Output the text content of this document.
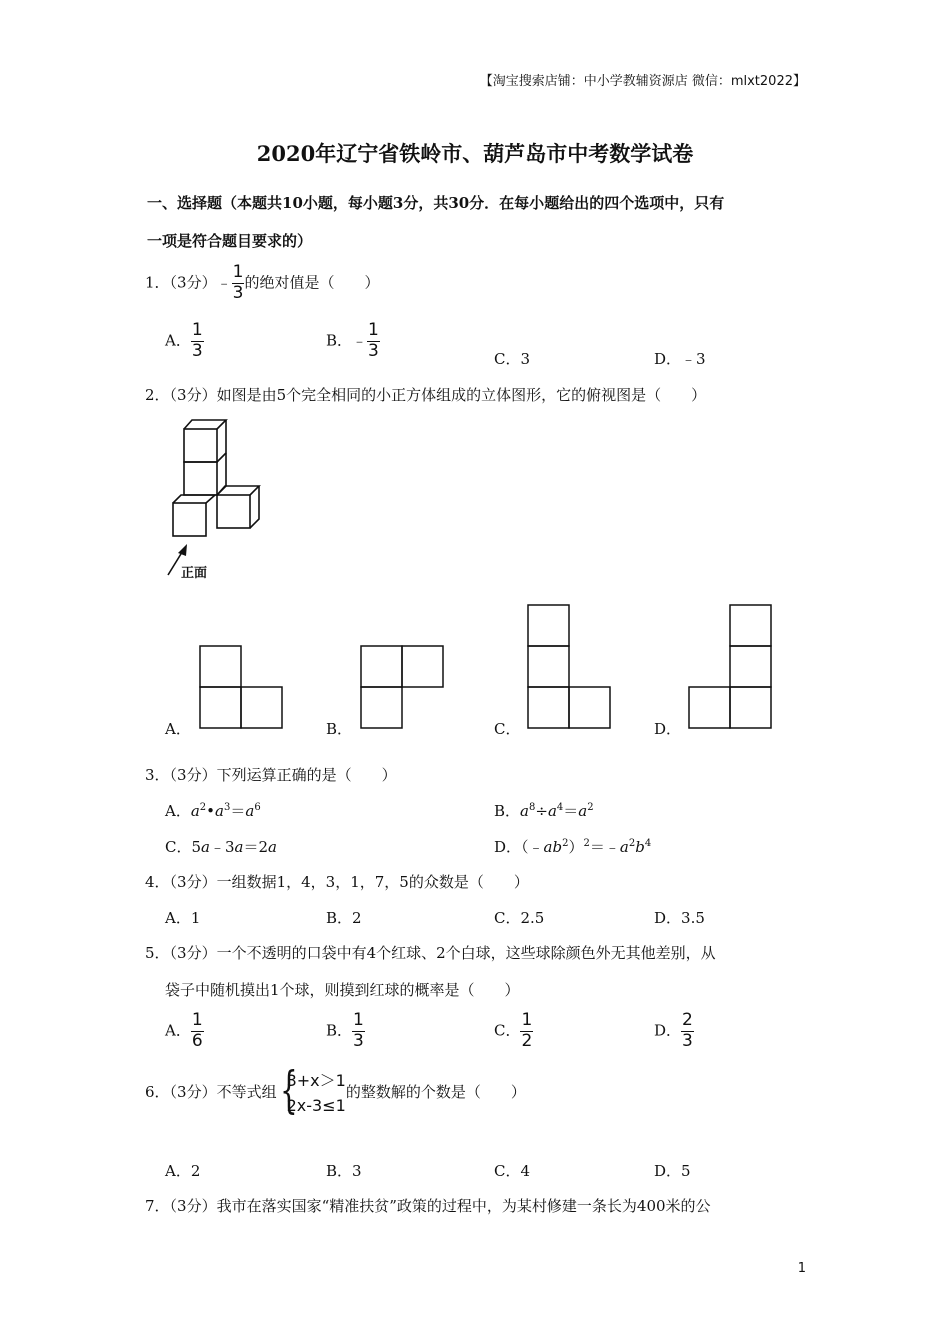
【淘宝搜索店铺：中小学教辅资源店 微信：mlxt2022】
2020年辽宁省铁岭市、葫芦岛市中考数学试卷
一、选择题（本题共10小题，每小题3分，共30分．在每小题给出的四个选项中，只有
一项是符合题目要求的）
1．（3分）﹣ $\frac{1}{3}$ 的绝对值是（　　）
A． $\frac{1}{3}$	B．﹣ $\frac{1}{3}$	C．3	D．﹣3
2．（3分）如图是由5个完全相同的小正方体组成的立体图形，它的俯视图是（　　）
正面
A．	B．	C．	D．
3．（3分）下列运算正确的是（　　）
A．$a^2•a^3=a^6$	B．$a^8\div a^4=a^2$
C．5a﹣3a＝2a	D．$(﹣ab^2)^2=﹣a^2b^4$
4．（3分）一组数据1，4，3，1，7，5的众数是（　　）
A．1	B．2	C．2.5	D．3.5
5．（3分）一个不透明的口袋中有4个红球、2个白球，这些球除颜色外无其他差别，从
袋子中随机摸出1个球，则摸到红球的概率是（　　）
A． $\frac{1}{6}$	B． $\frac{1}{3}$	C． $\frac{1}{2}$	D． $\frac{2}{3}$
6．（3分）不等式组 {
3+x＞1
2x-3≤1
的整数解的个数是（　　）
A．2	B．3	C．4	D．5
7．（3分）我市在落实国家“精准扶贫”政策的过程中，为某村修建一条长为400米的公
1
